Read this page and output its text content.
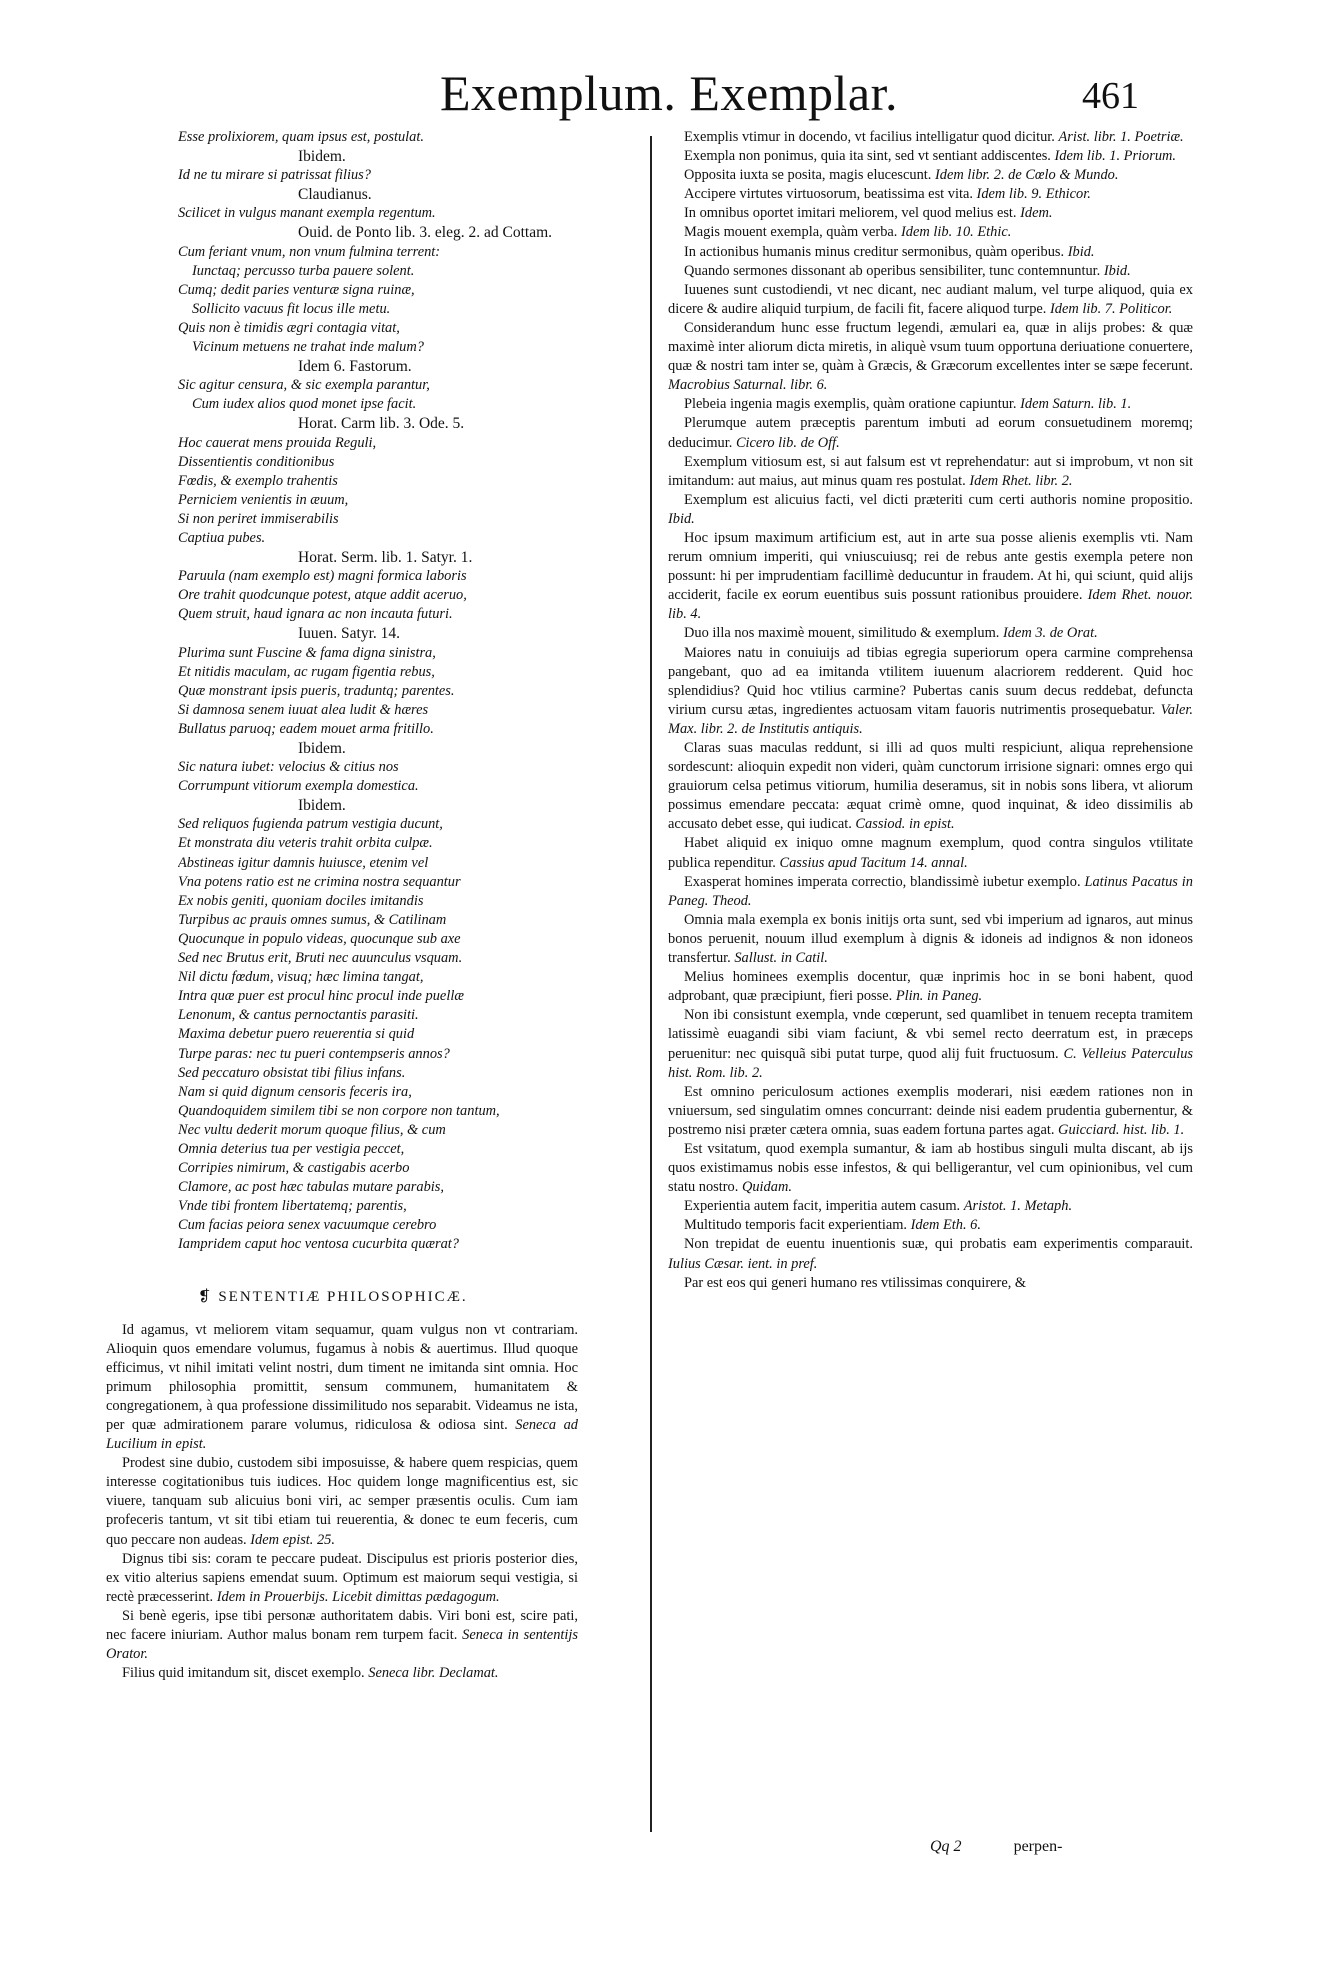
Exemplum. Exemplar.	461
Esse prolixiorem, quam ipsus est, postulat.
Ibidem.
Id ne tu mirare si patrissat filius?
Claudianus.
Scilicet in vulgus manant exempla regentum.
Ouid. de Ponto lib. 3. eleg. 2. ad Cottam.
Cum feriant vnum, non vnum fulmina terrent:
Iunctaq; percusso turba pauere solent.
Cumq; dedit paries venturæ signa ruinæ,
Sollicito vacuus fit locus ille metu.
Quis non è timidis ægri contagia vitat,
Vicinum metuens ne trahat inde malum?
Idem 6. Fastorum.
Sic agitur censura, & sic exempla parantur,
Cum iudex alios quod monet ipse facit.
Horat. Carm lib. 3. Ode. 5.
Hoc cauerat mens prouida Reguli,
Dissentientis conditionibus
Fœdis, & exemplo trahentis
Perniciem venientis in æuum,
Si non periret immiserabilis
Captiua pubes.
Horat. Serm. lib. 1. Satyr. 1.
Paruula (nam exemplo est) magni formica laboris
Ore trahit quodcunque potest, atque addit aceruo,
Quem struit, haud ignara ac non incauta futuri.
Iuuen. Satyr. 14.
Plurima sunt Fuscine & fama digna sinistra,
Et nitidis maculam, ac rugam figentia rebus,
Quæ monstrant ipsis pueris, traduntq; parentes.
Si damnosa senem iuuat alea ludit & hæres
Bullatus paruoq; eadem mouet arma fritillo.
Ibidem.
Sic natura iubet: velocius & citius nos
Corrumpunt vitiorum exempla domestica.
Ibidem.
Sed reliquos fugienda patrum vestigia ducunt,
Et monstrata diu veteris trahit orbita culpæ.
Abstineas igitur damnis huiusce, etenim vel
Vna potens ratio est ne crimina nostra sequantur
Ex nobis geniti, quoniam dociles imitandis
Turpibus ac prauis omnes sumus, & Catilinam
Quocunque in populo videas, quocunque sub axe
Sed nec Brutus erit, Bruti nec auunculus vsquam.
Nil dictu fœdum, visuq; hæc limina tangat,
Intra quæ puer est procul hinc procul inde puellæ
Lenonum, & cantus pernoctantis parasiti.
Maxima debetur puero reuerentia si quid
Turpe paras: nec tu pueri contempseris annos?
Sed peccaturo obsistat tibi filius infans.
Nam si quid dignum censoris feceris ira,
Quandoquidem similem tibi se non corpore non tantum,
Nec vultu dederit morum quoque filius, & cum
Omnia deterius tua per vestigia peccet,
Corripies nimirum, & castigabis acerbo
Clamore, ac post hæc tabulas mutare parabis,
Vnde tibi frontem libertatemq; parentis,
Cum facias peiora senex vacuumque cerebro
Iampridem caput hoc ventosa cucurbita quærat?
❡ SENTENTIÆ PHILOSOPHICÆ.
Id agamus, vt meliorem vitam sequamur, quam vulgus non vt contrariam. Alioquin quos emendare volumus, fugamus à nobis & auertimus. Illud quoque efficimus, vt nihil imitati velint nostri, dum timent ne imitanda sint omnia. Hoc primum philosophia promittit, sensum communem, humanitatem & congregationem, à qua professione dissimilitudo nos separabit. Videamus ne ista, per quæ admirationem parare volumus, ridiculosa & odiosa sint. Seneca ad Lucilium in epist.
Prodest sine dubio, custodem sibi imposuisse, & habere quem respicias, quem interesse cogitationibus tuis iudices. Hoc quidem longe magnificentius est, sic viuere, tanquam sub alicuius boni viri, ac semper præsentis oculis. Cum iam profeceris tantum, vt sit tibi etiam tui reuerentia, & donec te eum feceris, cum quo peccare non audeas. Idem epist. 25.
Dignus tibi sis: coram te peccare pudeat. Discipulus est prioris posterior dies, ex vitio alterius sapiens emendat suum. Optimum est maiorum sequi vestigia, si rectè præcesserint. Idem in Prouerbijs. Licebit dimittas pædagogum.
Si benè egeris, ipse tibi personæ authoritatem dabis. Viri boni est, scire pati, nec facere iniuriam. Author malus bonam rem turpem facit. Seneca in sententijs Orator.
Filius quid imitandum sit, discet exemplo. Seneca libr. Declamat.
Exemplis vtimur in docendo, vt facilius intelligatur quod dicitur. Arist. libr. 1. Poetriæ.
Exempla non ponimus, quia ita sint, sed vt sentiant addiscentes. Idem lib. 1. Priorum.
Opposita iuxta se posita, magis elucescunt. Idem libr. 2. de Cœlo & Mundo.
Accipere virtutes virtuosorum, beatissima est vita. Idem lib. 9. Ethicor.
In omnibus oportet imitari meliorem, vel quod melius est. Idem.
Magis mouent exempla, quàm verba. Idem lib. 10. Ethic.
In actionibus humanis minus creditur sermonibus, quàm operibus. Ibid.
Quando sermones dissonant ab operibus sensibiliter, tunc contemnuntur. Ibid.
Iuuenes sunt custodiendi, vt nec dicant, nec audiant malum, vel turpe aliquod, quia ex dicere & audire aliquid turpium, de facili fit, facere aliquod turpe. Idem lib. 7. Politicor.
Considerandum hunc esse fructum legendi, æmulari ea, quæ in alijs probes: & quæ maximè inter aliorum dicta miretis, in aliquè vsum tuum opportuna deriuatione conuertere, quæ & nostri tam inter se, quàm à Græcis, & Græcorum excellentes inter se sæpe fecerunt. Macrobius Saturnal. libr. 6.
Plebeia ingenia magis exemplis, quàm oratione capiuntur. Idem Saturn. lib. 1.
Plerumque autem præceptis parentum imbuti ad eorum consuetudinem moremq; deducimur. Cicero lib. de Off.
Exemplum vitiosum est, si aut falsum est vt reprehendatur: aut si improbum, vt non sit imitandum: aut maius, aut minus quam res postulat. Idem Rhet. libr. 2.
Exemplum est alicuius facti, vel dicti præteriti cum certi authoris nomine propositio. Ibid.
Hoc ipsum maximum artificium est, aut in arte sua posse alienis exemplis vti. Nam rerum omnium imperiti, qui vniuscuiusq; rei de rebus ante gestis exempla petere non possunt: hi per imprudentiam facillimè deducuntur in fraudem. At hi, qui sciunt, quid alijs acciderit, facile ex eorum euentibus suis possunt rationibus prouidere. Idem Rhet. nouor. lib. 4.
Duo illa nos maximè mouent, similitudo & exemplum. Idem 3. de Orat.
Maiores natu in conuiuijs ad tibias egregia superiorum opera carmine comprehensa pangebant, quo ad ea imitanda vtilitem iuuenum alacriorem redderent. Quid hoc splendidius? Quid hoc vtilius carmine? Pubertas canis suum decus reddebat, defuncta virium cursu ætas, ingredientes actuosam vitam fauoris nutrimentis prosequebatur. Valer. Max. libr. 2. de Institutis antiquis.
Claras suas maculas reddunt, si illi ad quos multi respiciunt, aliqua reprehensione sordescunt: alioquin expedit non videri, quàm cunctorum irrisione signari: omnes ergo qui grauiorum celsa petimus vitiorum, humilia deseramus, sit in nobis sons libera, vt aliorum possimus emendare peccata: æquat crimè omne, quod inquinat, & ideo dissimilis ab accusato debet esse, qui iudicat. Cassiod. in epist.
Habet aliquid ex iniquo omne magnum exemplum, quod contra singulos vtilitate publica rependitur. Cassius apud Tacitum 14. annal.
Exasperat homines imperata correctio, blandissimè iubetur exemplo. Latinus Pacatus in Paneg. Theod.
Omnia mala exempla ex bonis initijs orta sunt, sed vbi imperium ad ignaros, aut minus bonos peruenit, nouum illud exemplum à dignis & idoneis ad indignos & non idoneos transfertur. Sallust. in Catil.
Melius hominees exemplis docentur, quæ inprimis hoc in se boni habent, quod adprobant, quæ præcipiunt, fieri posse. Plin. in Paneg.
Non ibi consistunt exempla, vnde cœperunt, sed quamlibet in tenuem recepta tramitem latissimè euagandi sibi viam faciunt, & vbi semel recto deerratum est, in præceps peruenitur: nec quisquã sibi putat turpe, quod alij fuit fructuosum. C. Velleius Paterculus hist. Rom. lib. 2.
Est omnino periculosum actiones exemplis moderari, nisi eædem rationes non in vniuersum, sed singulatim omnes concurrant: deinde nisi eadem prudentia gubernentur, & postremo nisi præter cætera omnia, suas eadem fortuna partes agat. Guicciard. hist. lib. 1.
Est vsitatum, quod exempla sumantur, & iam ab hostibus singuli multa discant, ab ijs quos existimamus nobis esse infestos, & qui belligerantur, vel cum opinionibus, vel cum statu nostro. Quidam.
Experientia autem facit, imperitia autem casum. Aristot. 1. Metaph.
Multitudo temporis facit experientiam. Idem Eth. 6.
Non trepidat de euentu inuentionis suæ, qui probatis eam experimentis comparauit. Iulius Cæsar. ient. in pref.
Par est eos qui generi humano res vtilissimas conquirere, &
Qq 2	perpen-
